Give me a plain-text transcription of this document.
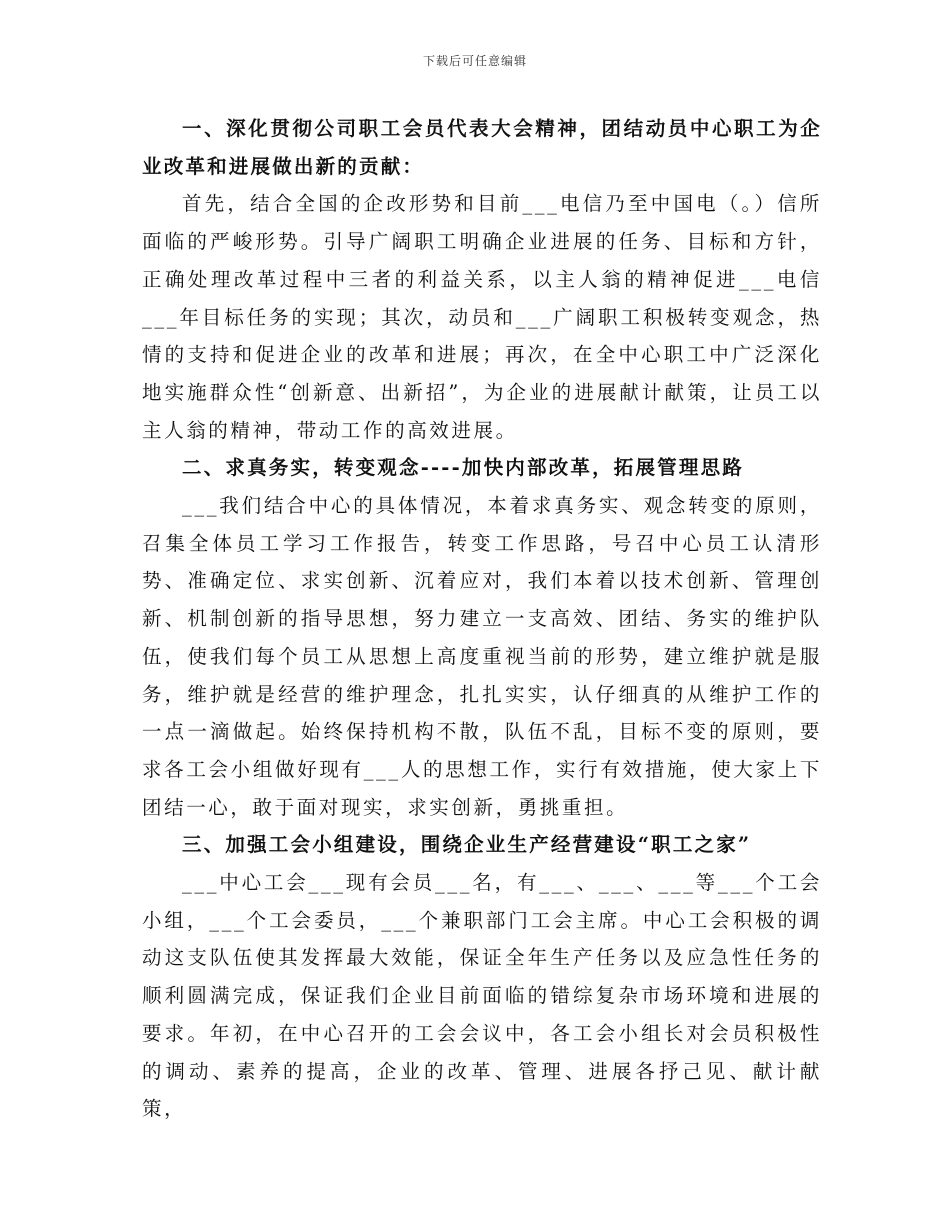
下载后可任意编辑

一、深化贯彻公司职工会员代表大会精神，团结动员中心职工为企业改革和进展做出新的贡献：

首先，结合全国的企改形势和目前___电信乃至中国电（。）信所面临的严峻形势。引导广阔职工明确企业进展的任务、目标和方针，正确处理改革过程中三者的利益关系，以主人翁的精神促进___电信___年目标任务的实现；其次，动员和___广阔职工积极转变观念，热情的支持和促进企业的改革和进展；再次，在全中心职工中广泛深化地实施群众性“创新意、出新招”，为企业的进展献计献策，让员工以主人翁的精神，带动工作的高效进展。

二、求真务实，转变观念----加快内部改革，拓展管理思路

___我们结合中心的具体情况，本着求真务实、观念转变的原则，召集全体员工学习工作报告，转变工作思路，号召中心员工认清形势、准确定位、求实创新、沉着应对，我们本着以技术创新、管理创新、机制创新的指导思想，努力建立一支高效、团结、务实的维护队伍，使我们每个员工从思想上高度重视当前的形势，建立维护就是服务，维护就是经营的维护理念，扎扎实实，认仔细真的从维护工作的一点一滴做起。始终保持机构不散，队伍不乱，目标不变的原则，要求各工会小组做好现有___人的思想工作，实行有效措施，使大家上下团结一心，敢于面对现实，求实创新，勇挑重担。

三、加强工会小组建设，围绕企业生产经营建设“职工之家”

___中心工会___现有会员___名，有___、___、___等___个工会小组，___个工会委员，___个兼职部门工会主席。中心工会积极的调动这支队伍使其发挥最大效能，保证全年生产任务以及应急性任务的顺利圆满完成，保证我们企业目前面临的错综复杂市场环境和进展的要求。年初，在中心召开的工会会议中，各工会小组长对会员积极性的调动、素养的提高，企业的改革、管理、进展各抒己见、献计献策，
